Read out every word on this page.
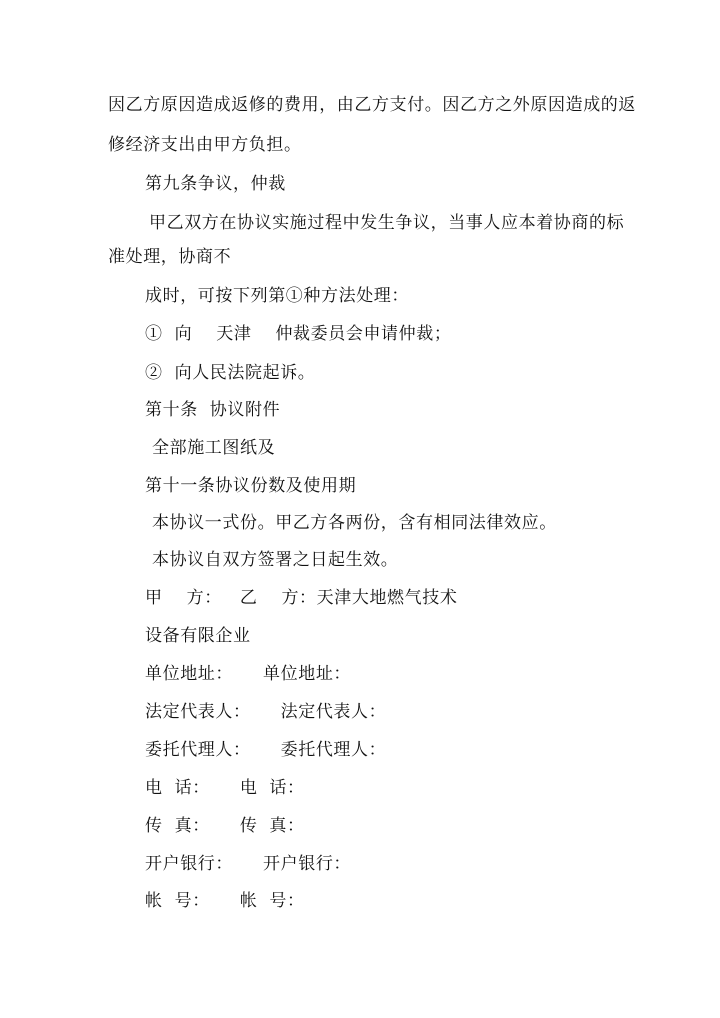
因乙方原因造成返修的费用，由乙方支付。因乙方之外原因造成的返
修经济支出由甲方负担。
第九条争议，仲裁
甲乙双方在协议实施过程中发生争议，当事人应本着协商的标
准处理，协商不
成时，可按下列第①种方法处理：
①  向    天津    仲裁委员会申请仲裁；
②  向人民法院起诉。
第十条  协议附件
全部施工图纸及
第十一条协议份数及使用期
本协议一式份。甲乙方各两份，含有相同法律效应。
本协议自双方签署之日起生效。
甲    方：   乙    方：天津大地燃气技术
设备有限企业
单位地址：     单位地址：
法定代表人：     法定代表人：
委托代理人：     委托代理人：
电  话：     电  话：
传  真：     传  真：
开户银行：     开户银行：
帐  号：     帐  号：
